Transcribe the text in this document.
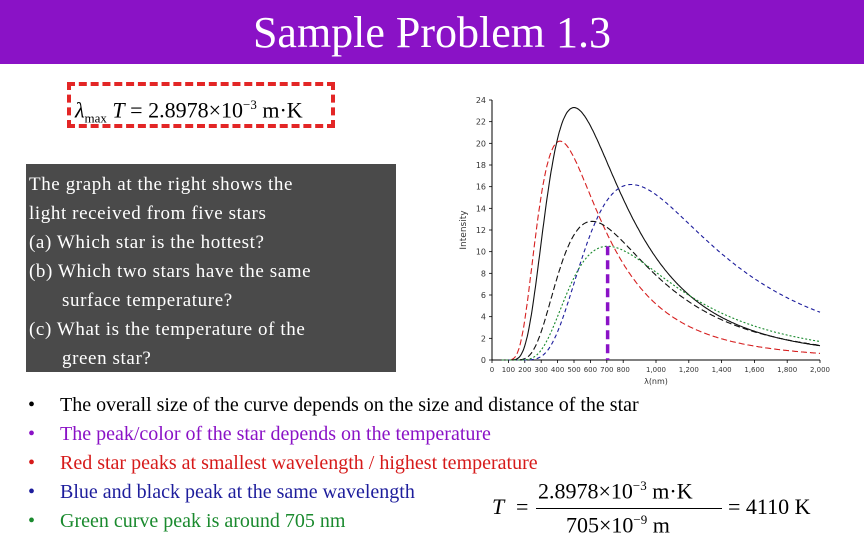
Sample Problem 1.3
$\lambda_{max}$ $T = 2.8978\times 10^{-3}$ m·K
The graph at the right shows the
light received from five stars
(a) Which star is the hottest?
(b) Which two stars have the same
surface temperature?
(c) What is the temperature of the
green star?	0
2
4
6
8
10
12
14
16
18
20
22
24
0 100 200 300 400 500 600 700 800 1,000 1,200 1,400 1,600 1,800 2,000
Intensity
λ(nm)
• The overall size of the curve depends on the size and distance of the star
• The peak/color of the star depends on the temperature
• Red star peaks at smallest wavelength / highest temperature
• Blue and black peak at the same wavelength
• Green curve peak is around 705 nm
T =
$2.8978\times 10^{-3}$ m·K
$705\times 10^{-9}$ m
= 4110 K
